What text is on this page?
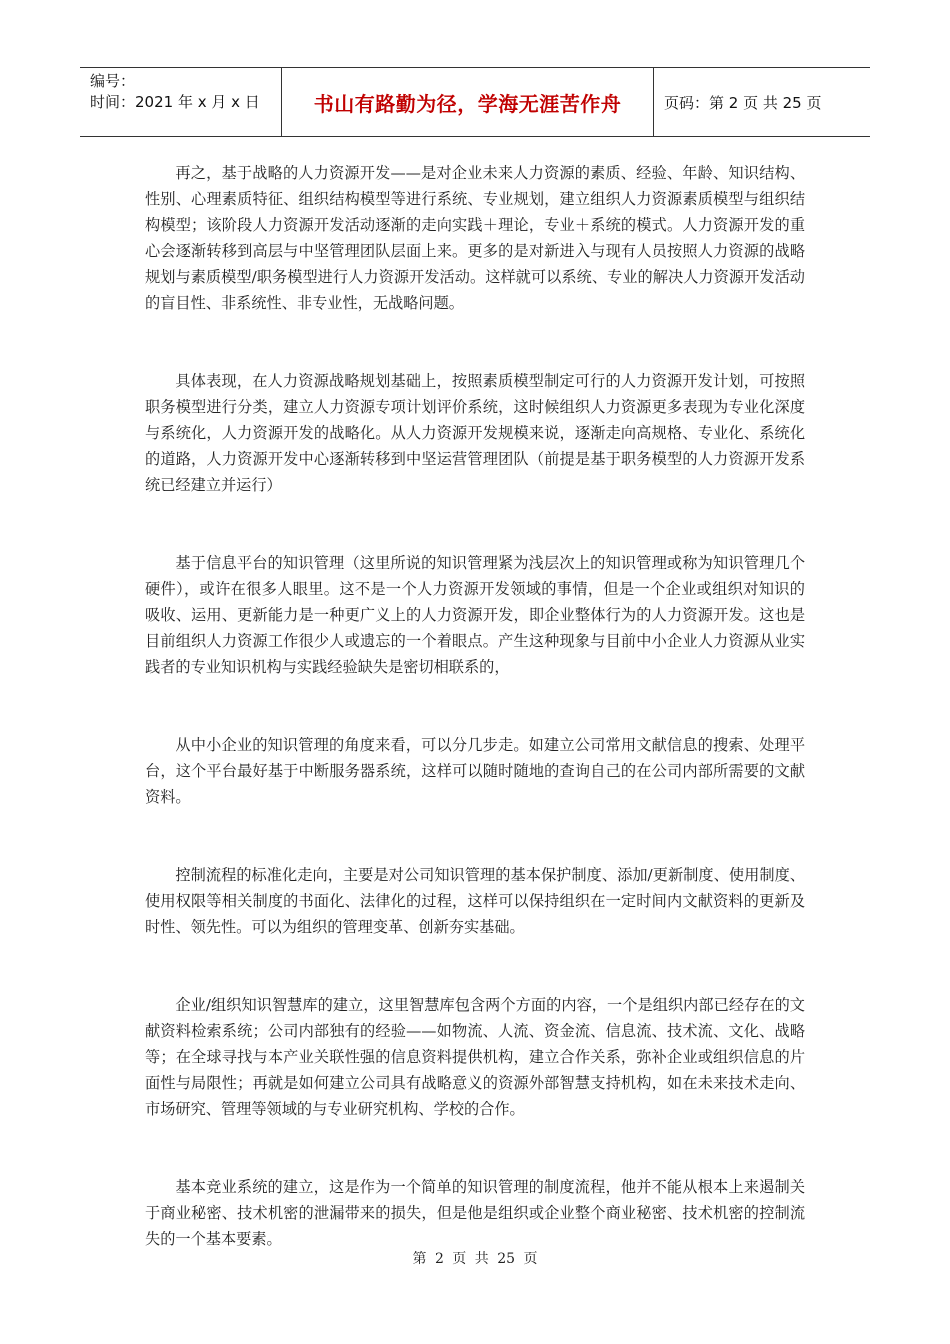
编号：
时间：2021 年 x 月 x 日	书山有路勤为径，学海无涯苦作舟	页码：第 2 页 共 25 页

再之，基于战略的人力资源开发——是对企业未来人力资源的素质、经验、年龄、知识结构、性别、心理素质特征、组织结构模型等进行系统、专业规划，建立组织人力资源素质模型与组织结构模型；该阶段人力资源开发活动逐渐的走向实践＋理论，专业＋系统的模式。人力资源开发的重心会逐渐转移到高层与中坚管理团队层面上来。更多的是对新进入与现有人员按照人力资源的战略规划与素质模型/职务模型进行人力资源开发活动。这样就可以系统、专业的解决人力资源开发活动的盲目性、非系统性、非专业性，无战略问题。

具体表现，在人力资源战略规划基础上，按照素质模型制定可行的人力资源开发计划，可按照职务模型进行分类，建立人力资源专项计划评价系统，这时候组织人力资源更多表现为专业化深度与系统化，人力资源开发的战略化。从人力资源开发规模来说，逐渐走向高规格、专业化、系统化的道路，人力资源开发中心逐渐转移到中坚运营管理团队（前提是基于职务模型的人力资源开发系统已经建立并运行）

基于信息平台的知识管理（这里所说的知识管理紧为浅层次上的知识管理或称为知识管理几个硬件），或许在很多人眼里。这不是一个人力资源开发领域的事情，但是一个企业或组织对知识的吸收、运用、更新能力是一种更广义上的人力资源开发，即企业整体行为的人力资源开发。这也是目前组织人力资源工作很少人或遗忘的一个着眼点。产生这种现象与目前中小企业人力资源从业实践者的专业知识机构与实践经验缺失是密切相联系的，

从中小企业的知识管理的角度来看，可以分几步走。如建立公司常用文献信息的搜索、处理平台，这个平台最好基于中断服务器系统，这样可以随时随地的查询自己的在公司内部所需要的文献资料。

控制流程的标准化走向，主要是对公司知识管理的基本保护制度、添加/更新制度、使用制度、使用权限等相关制度的书面化、法律化的过程，这样可以保持组织在一定时间内文献资料的更新及时性、领先性。可以为组织的管理变革、创新夯实基础。

企业/组织知识智慧库的建立，这里智慧库包含两个方面的内容，一个是组织内部已经存在的文献资料检索系统；公司内部独有的经验——如物流、人流、资金流、信息流、技术流、文化、战略等；在全球寻找与本产业关联性强的信息资料提供机构，建立合作关系，弥补企业或组织信息的片面性与局限性；再就是如何建立公司具有战略意义的资源外部智慧支持机构，如在未来技术走向、市场研究、管理等领域的与专业研究机构、学校的合作。

基本竞业系统的建立，这是作为一个简单的知识管理的制度流程，他并不能从根本上来遏制关于商业秘密、技术机密的泄漏带来的损失，但是他是组织或企业整个商业秘密、技术机密的控制流失的一个基本要素。

第 2 页 共 25 页
